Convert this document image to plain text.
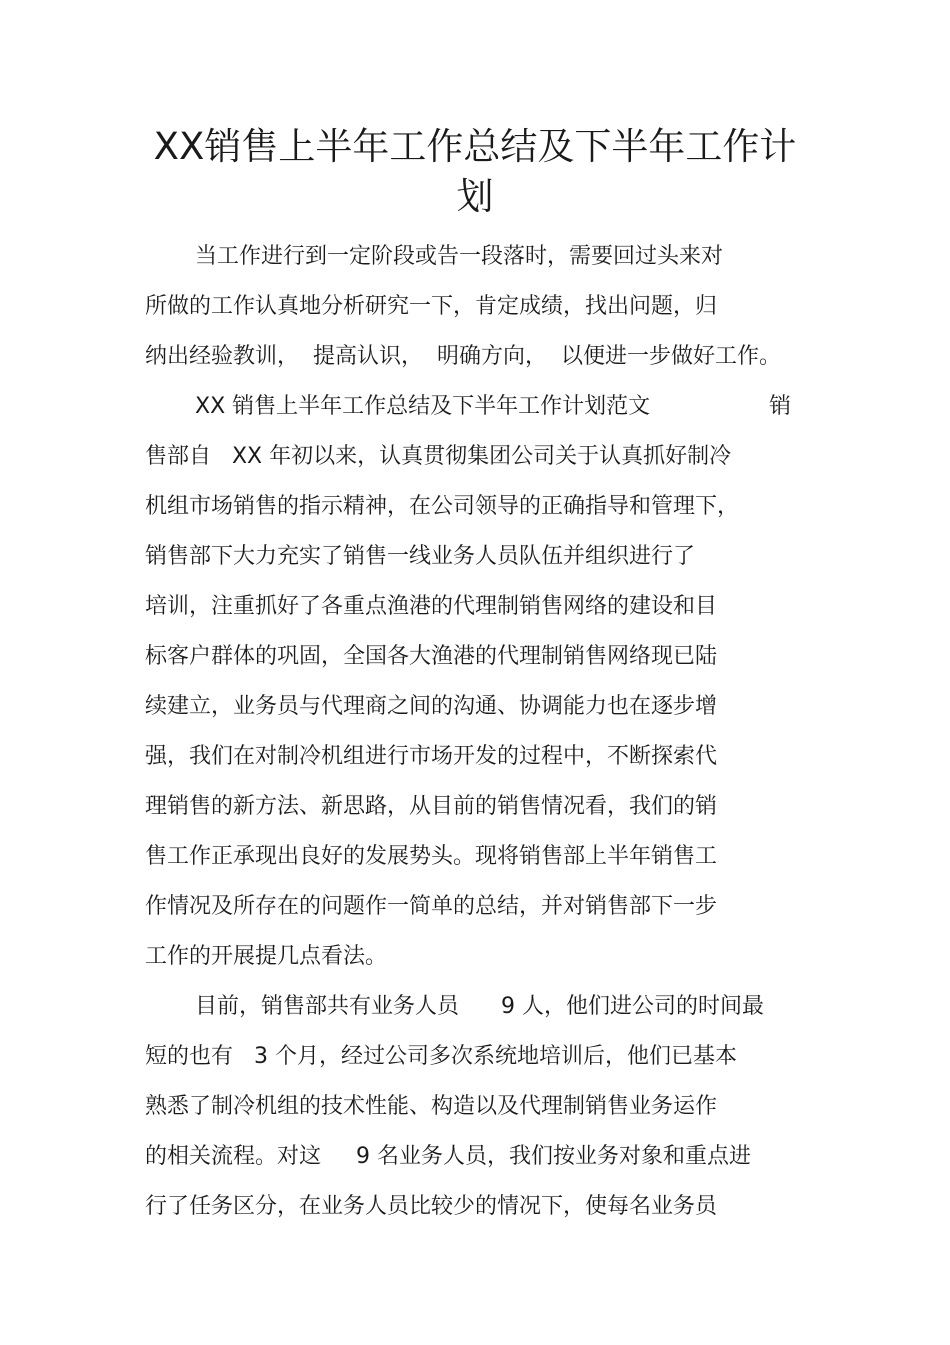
XX销售上半年工作总结及下半年工作计
划

当工作进行到一定阶段或告一段落时，需要回过头来对

所做的工作认真地分析研究一下，肯定成绩，找出问题，归

纳出经验教训，  提高认识，  明确方向，  以便进一步做好工作。

XX 销售上半年工作总结及下半年工作计划范文                 销

售部自   XX 年初以来，认真贯彻集团公司关于认真抓好制冷

机组市场销售的指示精神，在公司领导的正确指导和管理下，

销售部下大力充实了销售一线业务人员队伍并组织进行了

培训，注重抓好了各重点渔港的代理制销售网络的建设和目

标客户群体的巩固，全国各大渔港的代理制销售网络现已陆

续建立，业务员与代理商之间的沟通、协调能力也在逐步增

强，我们在对制冷机组进行市场开发的过程中，不断探索代

理销售的新方法、新思路，从目前的销售情况看，我们的销

售工作正承现出良好的发展势头。现将销售部上半年销售工

作情况及所存在的问题作一简单的总结，并对销售部下一步

工作的开展提几点看法。

目前，销售部共有业务人员      9 人，他们进公司的时间最

短的也有   3 个月，经过公司多次系统地培训后，他们已基本

熟悉了制冷机组的技术性能、构造以及代理制销售业务运作

的相关流程。对这     9 名业务人员，我们按业务对象和重点进

行了任务区分，在业务人员比较少的情况下，使每名业务员
